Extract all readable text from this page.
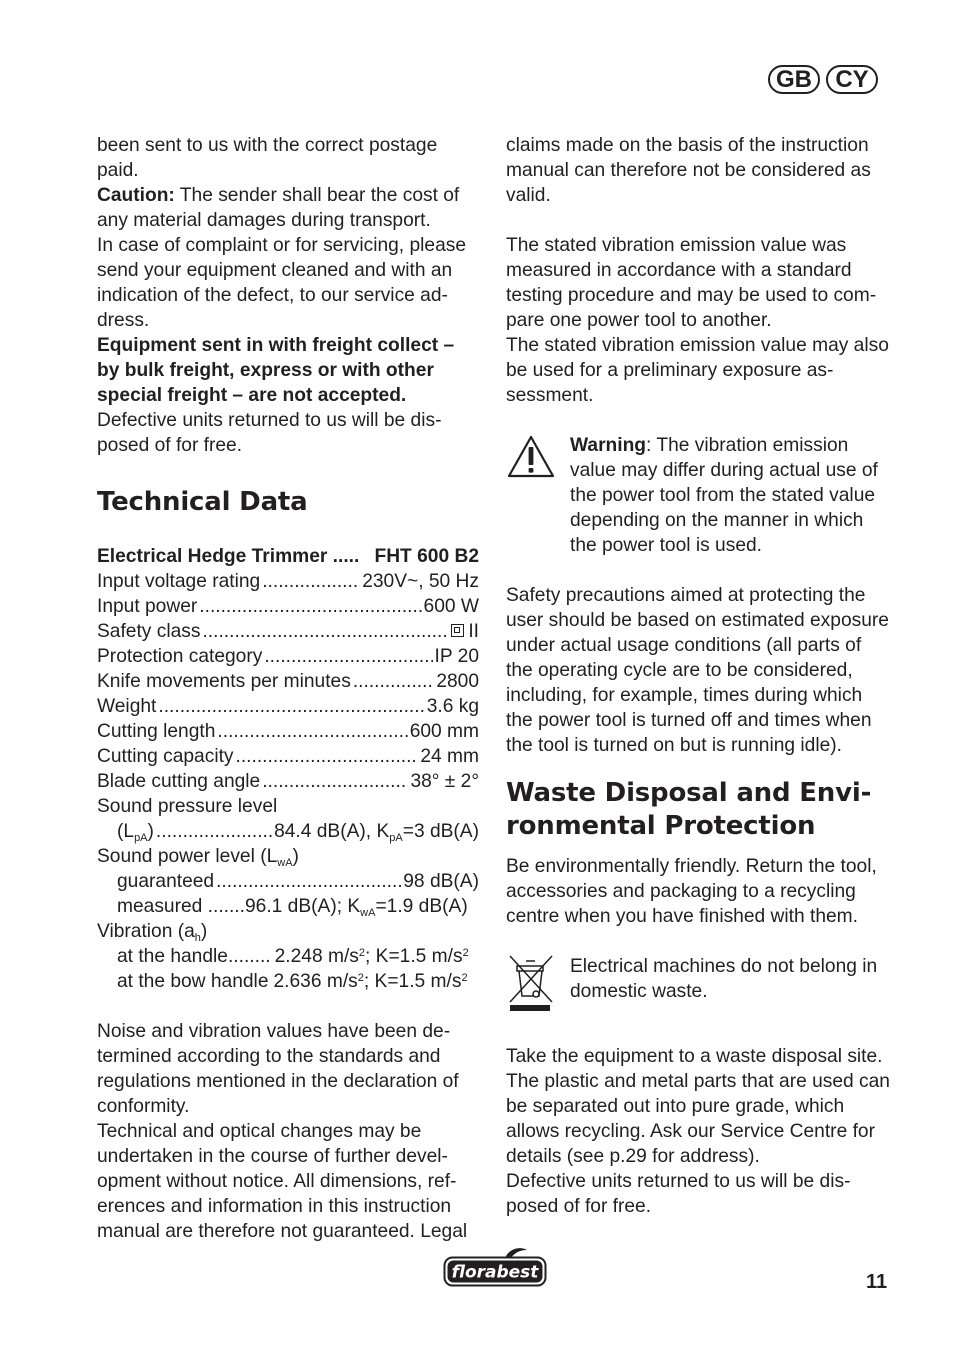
GB CY

been sent to us with the correct postage paid.

Caution: The sender shall bear the cost of any material damages during transport.

In case of complaint or for servicing, please send your equipment cleaned and with an indication of the defect, to our service address.

Equipment sent in with freight collect – by bulk freight, express or with other special freight – are not accepted.

Defective units returned to us will be disposed of for free.

Technical Data
Electrical Hedge Trimmer ..... FHT 600 B2
Input voltage rating .....	230V~, 50 Hz
Input power .....	600 W
Safety class .....	II
Protection category .....	IP 20
Knife movements per minutes .....	2800
Weight .....	3.6 kg
Cutting length .....	600 mm
Cutting capacity .....	24 mm
Blade cutting angle .....	38° ± 2°

Sound pressure level

$(L_{pA})$ .....	84.4 dB(A), $K_{pA}=3$ dB(A)

Sound power level $(L_{wA})$

guaranteed .....	98 dB(A)
measured ....... 96.1 dB(A); $K_{wA}=1.9$ dB(A)

Vibration $(a_h)$

at the handle........ 2.248 $m/s^2$; K=1.5 $m/s^2$
at the bow handle 2.636 $m/s^2$; K=1.5 $m/s^2$

Noise and vibration values have been determined according to the standards and regulations mentioned in the declaration of conformity.

Technical and optical changes may be undertaken in the course of further development without notice. All dimensions, references and information in this instruction manual are therefore not guaranteed. Legal

claims made on the basis of the instruction manual can therefore not be considered as valid.

The stated vibration emission value was measured in accordance with a standard testing procedure and may be used to compare one power tool to another.

The stated vibration emission value may also be used for a preliminary exposure assessment.

Warning: The vibration emission value may differ during actual use of the power tool from the stated value depending on the manner in which the power tool is used.

Safety precautions aimed at protecting the user should be based on estimated exposure under actual usage conditions (all parts of the operating cycle are to be considered, including, for example, times during which the power tool is turned off and times when the tool is turned on but is running idle).

Waste Disposal and Envi-
ronmental Protection

Be environmentally friendly. Return the tool, accessories and packaging to a recycling centre when you have finished with them.

Electrical machines do not belong in domestic waste.

Take the equipment to a waste disposal site. The plastic and metal parts that are used can be separated out into pure grade, which allows recycling. Ask our Service Centre for details (see p.29 for address).

Defective units returned to us will be disposed of for free.

florabest	11
